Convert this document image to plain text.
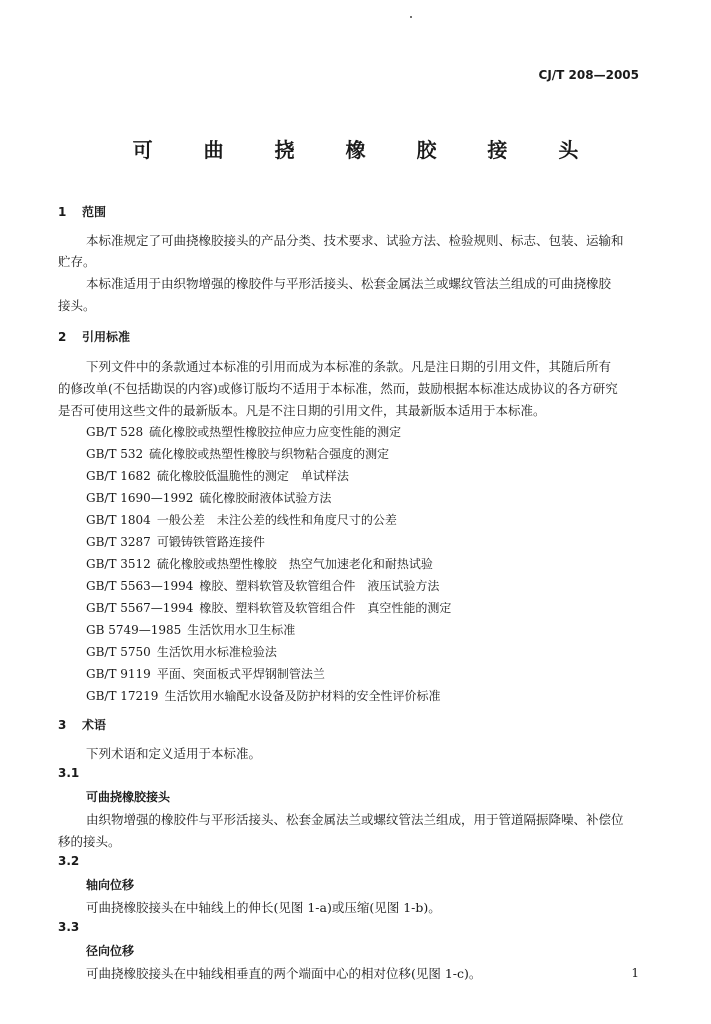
CJ/T 208—2005
可 曲 挠 橡 胶 接 头
1 范围
本标准规定了可曲挠橡胶接头的产品分类、技术要求、试验方法、检验规则、标志、包装、运输和
贮存。
本标准适用于由织物增强的橡胶件与平形活接头、松套金属法兰或螺纹管法兰组成的可曲挠橡胶
接头。
2 引用标准
下列文件中的条款通过本标准的引用而成为本标准的条款。凡是注日期的引用文件，其随后所有
的修改单(不包括勘误的内容)或修订版均不适用于本标准，然而，鼓励根据本标准达成协议的各方研究
是否可使用这些文件的最新版本。凡是不注日期的引用文件，其最新版本适用于本标准。
GB/T 528 硫化橡胶或热塑性橡胶拉伸应力应变性能的测定
GB/T 532 硫化橡胶或热塑性橡胶与织物粘合强度的测定
GB/T 1682 硫化橡胶低温脆性的测定　单试样法
GB/T 1690—1992 硫化橡胶耐液体试验方法
GB/T 1804 一般公差　未注公差的线性和角度尺寸的公差
GB/T 3287 可锻铸铁管路连接件
GB/T 3512 硫化橡胶或热塑性橡胶　热空气加速老化和耐热试验
GB/T 5563—1994 橡胶、塑料软管及软管组合件　液压试验方法
GB/T 5567—1994 橡胶、塑料软管及软管组合件　真空性能的测定
GB 5749—1985 生活饮用水卫生标准
GB/T 5750 生活饮用水标准检验法
GB/T 9119 平面、突面板式平焊钢制管法兰
GB/T 17219 生活饮用水输配水设备及防护材料的安全性评价标准
3 术语
下列术语和定义适用于本标准。
3.1
可曲挠橡胶接头
由织物增强的橡胶件与平形活接头、松套金属法兰或螺纹管法兰组成，用于管道隔振降噪、补偿位
移的接头。
3.2
轴向位移
可曲挠橡胶接头在中轴线上的伸长(见图 1-a)或压缩(见图 1-b)。
3.3
径向位移
可曲挠橡胶接头在中轴线相垂直的两个端面中心的相对位移(见图 1-c)。	1
